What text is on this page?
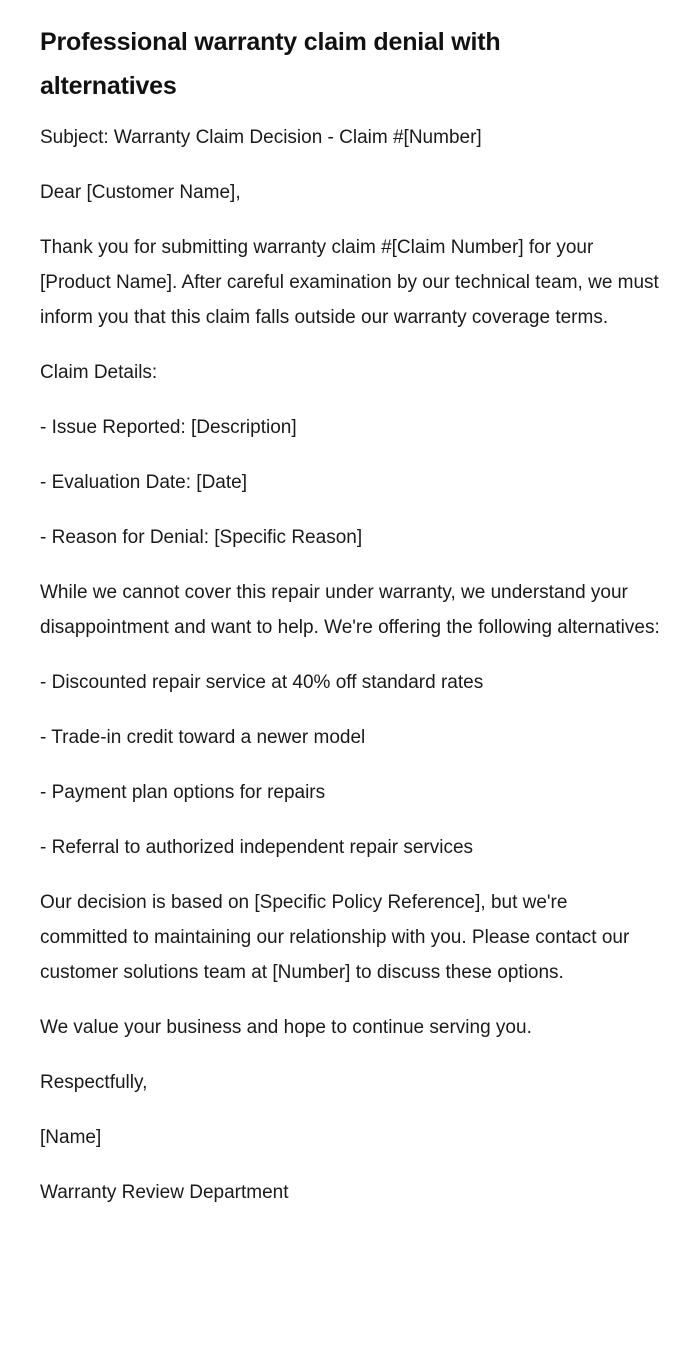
Professional warranty claim denial with alternatives

Subject: Warranty Claim Decision - Claim #[Number]

Dear [Customer Name],

Thank you for submitting warranty claim #[Claim Number] for your [Product Name]. After careful examination by our technical team, we must inform you that this claim falls outside our warranty coverage terms.

Claim Details:

- Issue Reported: [Description]

- Evaluation Date: [Date]

- Reason for Denial: [Specific Reason]

While we cannot cover this repair under warranty, we understand your disappointment and want to help. We're offering the following alternatives:

- Discounted repair service at 40% off standard rates

- Trade-in credit toward a newer model

- Payment plan options for repairs

- Referral to authorized independent repair services

Our decision is based on [Specific Policy Reference], but we're committed to maintaining our relationship with you. Please contact our customer solutions team at [Number] to discuss these options.

We value your business and hope to continue serving you.

Respectfully,

[Name]

Warranty Review Department
